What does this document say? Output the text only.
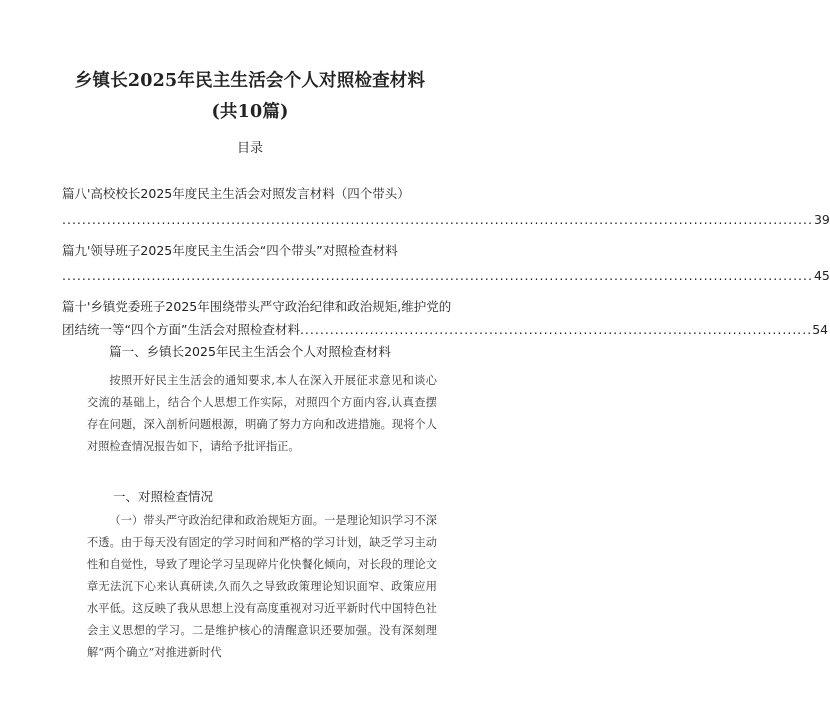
乡镇长2025年民主生活会个人对照检查材料
(共10篇)
目录
篇八'高校校长2025年度民主生活会对照发言材料（四个带头）
....................................................................................................................................................... 39
篇九'领导班子2025年度民主生活会“四个带头”对照检查材料
....................................................................................................................................................... 45
篇十'乡镇党委班子2025年围绕带头严守政治纪律和政治规矩,维护党的
团结统一等“四个方面”生活会对照检查材料 ....................................................................................................... 54
篇一、乡镇长2025年民主生活会个人对照检查材料
按照开好民主生活会的通知要求,本人在深入开展征求意见和谈心交流的基础上，结合个人思想工作实际，对照四个方面内容,认真查摆存在问题，深入剖析问题根源，明确了努力方向和改进措施。现将个人对照检查情况报告如下，请给予批评指正。
一、对照检查情况
（一）带头严守政治纪律和政治规矩方面。一是理论知识学习不深不透。由于每天没有固定的学习时间和严格的学习计划，缺乏学习主动性和自觉性，导致了理论学习呈现碎片化快餐化倾向，对长段的理论文章无法沉下心来认真研读,久而久之导致政策理论知识面窄、政策应用水平低。这反映了我从思想上没有高度重视对习近平新时代中国特色社会主义思想的学习。二是维护核心的清醒意识还要加强。没有深刻理解“两个确立”对推进新时代
